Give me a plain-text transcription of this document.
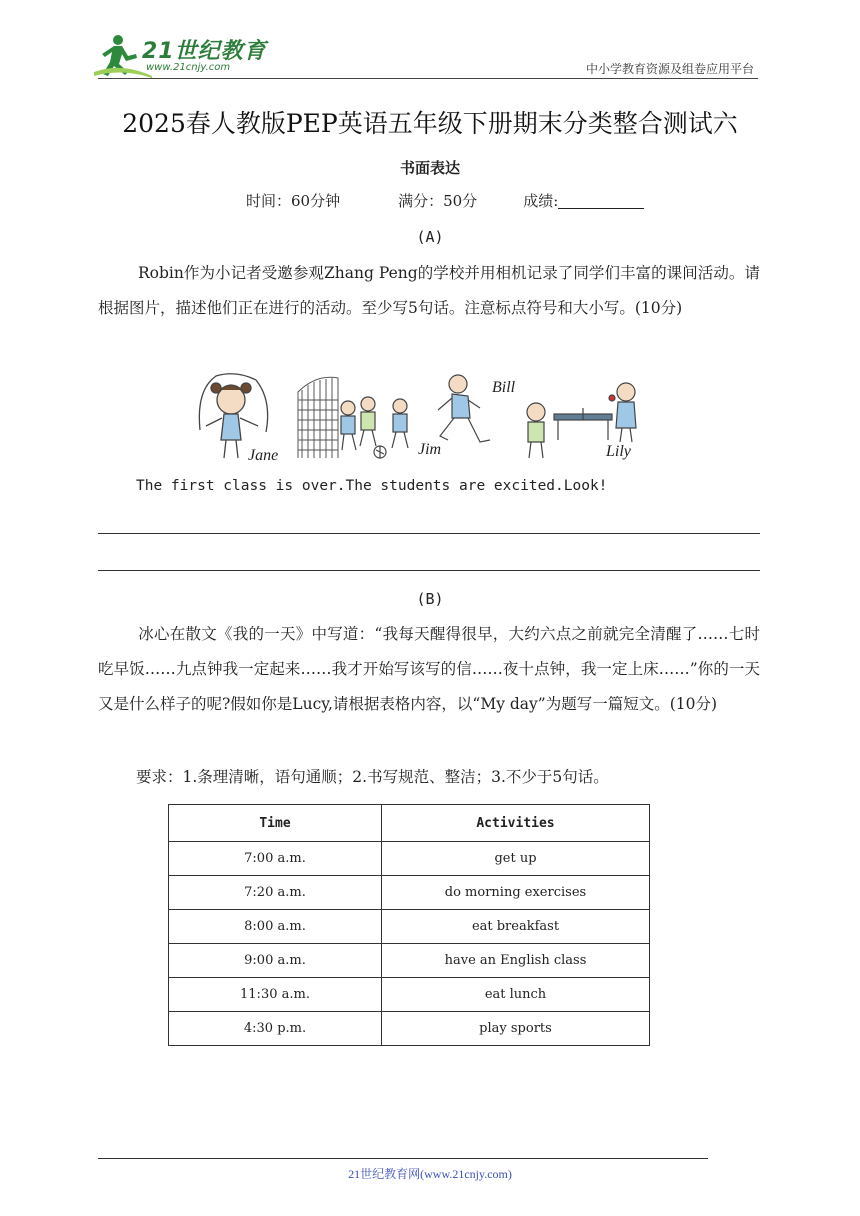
21世纪教育
www.21cnjy.com	中小学教育资源及组卷应用平台
2025春人教版PEP英语五年级下册期末分类整合测试六
书面表达
时间：60分钟	满分：50分	成绩:
(A)
Robin作为小记者受邀参观Zhang Peng的学校并用相机记录了同学们丰富的课间活动。请根据图片，描述他们正在进行的活动。至少写5句话。注意标点符号和大小写。(10分)
Jane	Jim
Bill
Lily
The first class is over.The students are excited.Look!
(B)
冰心在散文《我的一天》中写道：“我每天醒得很早，大约六点之前就完全清醒了……七时吃早饭……九点钟我一定起来……我才开始写该写的信……夜十点钟，我一定上床……”你的一天又是什么样子的呢?假如你是Lucy,请根据表格内容，以“My day”为题写一篇短文。(10分)
要求：1.条理清晰，语句通顺；2.书写规范、整洁；3.不少于5句话。
Time	Activities
7:00 a.m.	get up
7:20 a.m.	do morning exercises
8:00 a.m.	eat breakfast
9:00 a.m.	have an English class
11:30 a.m.	eat lunch
4:30 p.m.	play sports
21世纪教育网(www.21cnjy.com)
